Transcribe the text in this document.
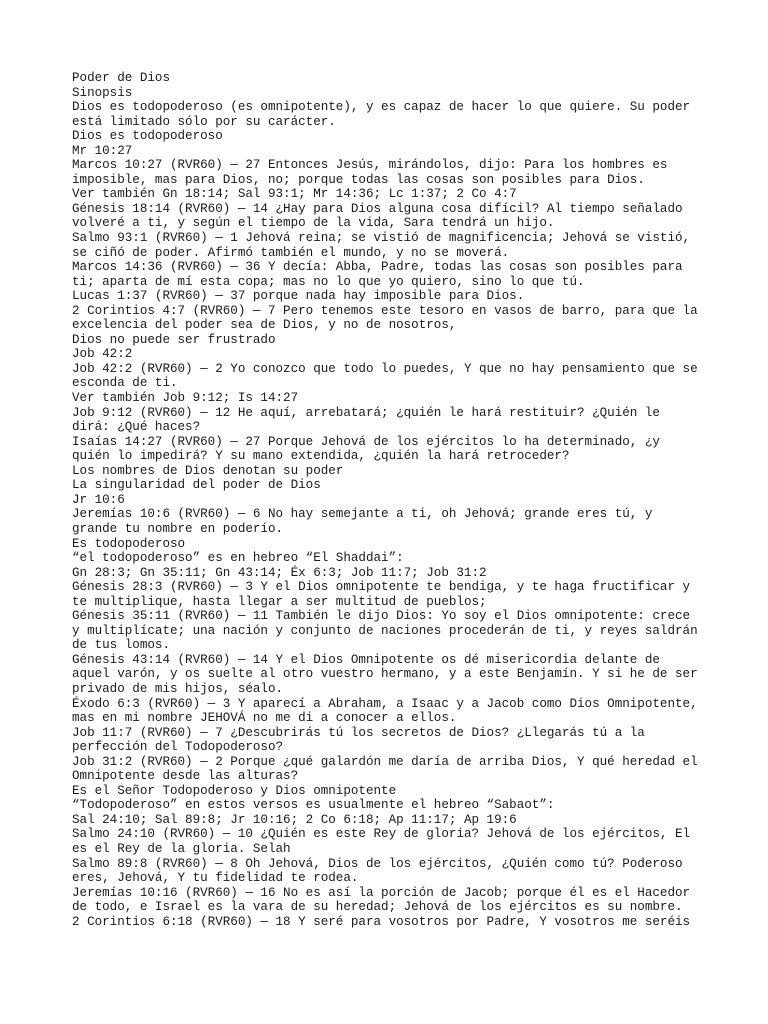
Poder de Dios
Sinopsis
Dios es todopoderoso (es omnipotente), y es capaz de hacer lo que quiere. Su poder
está limitado sólo por su carácter.
Dios es todopoderoso
Mr 10:27
Marcos 10:27 (RVR60) — 27 Entonces Jesús, mirándolos, dijo: Para los hombres es
imposible, mas para Dios, no; porque todas las cosas son posibles para Dios.
Ver también Gn 18:14; Sal 93:1; Mr 14:36; Lc 1:37; 2 Co 4:7
Génesis 18:14 (RVR60) — 14 ¿Hay para Dios alguna cosa difícil? Al tiempo señalado
volveré a ti, y según el tiempo de la vida, Sara tendrá un hijo.
Salmo 93:1 (RVR60) — 1 Jehová reina; se vistió de magnificencia; Jehová se vistió,
se ciñó de poder. Afirmó también el mundo, y no se moverá.
Marcos 14:36 (RVR60) — 36 Y decía: Abba, Padre, todas las cosas son posibles para
ti; aparta de mí esta copa; mas no lo que yo quiero, sino lo que tú.
Lucas 1:37 (RVR60) — 37 porque nada hay imposible para Dios.
2 Corintios 4:7 (RVR60) — 7 Pero tenemos este tesoro en vasos de barro, para que la
excelencia del poder sea de Dios, y no de nosotros,
Dios no puede ser frustrado
Job 42:2
Job 42:2 (RVR60) — 2 Yo conozco que todo lo puedes, Y que no hay pensamiento que se
esconda de ti.
Ver también Job 9:12; Is 14:27
Job 9:12 (RVR60) — 12 He aquí, arrebatará; ¿quién le hará restituir? ¿Quién le
dirá: ¿Qué haces?
Isaías 14:27 (RVR60) — 27 Porque Jehová de los ejércitos lo ha determinado, ¿y
quién lo impedirá? Y su mano extendida, ¿quién la hará retroceder?
Los nombres de Dios denotan su poder
La singularidad del poder de Dios
Jr 10:6
Jeremías 10:6 (RVR60) — 6 No hay semejante a ti, oh Jehová; grande eres tú, y
grande tu nombre en poderío.
Es todopoderoso
“el todopoderoso” es en hebreo “El Shaddai”:
Gn 28:3; Gn 35:11; Gn 43:14; Éx 6:3; Job 11:7; Job 31:2
Génesis 28:3 (RVR60) — 3 Y el Dios omnipotente te bendiga, y te haga fructificar y
te multiplique, hasta llegar a ser multitud de pueblos;
Génesis 35:11 (RVR60) — 11 También le dijo Dios: Yo soy el Dios omnipotente: crece
y multiplícate; una nación y conjunto de naciones procederán de ti, y reyes saldrán
de tus lomos.
Génesis 43:14 (RVR60) — 14 Y el Dios Omnipotente os dé misericordia delante de
aquel varón, y os suelte al otro vuestro hermano, y a este Benjamín. Y si he de ser
privado de mis hijos, séalo.
Éxodo 6:3 (RVR60) — 3 Y aparecí a Abraham, a Isaac y a Jacob como Dios Omnipotente,
mas en mi nombre JEHOVÁ no me di a conocer a ellos.
Job 11:7 (RVR60) — 7 ¿Descubrirás tú los secretos de Dios? ¿Llegarás tú a la
perfección del Todopoderoso?
Job 31:2 (RVR60) — 2 Porque ¿qué galardón me daría de arriba Dios, Y qué heredad el
Omnipotente desde las alturas?
Es el Señor Todopoderoso y Dios omnipotente
“Todopoderoso” en estos versos es usualmente el hebreo “Sabaot”:
Sal 24:10; Sal 89:8; Jr 10:16; 2 Co 6:18; Ap 11:17; Ap 19:6
Salmo 24:10 (RVR60) — 10 ¿Quién es este Rey de gloria? Jehová de los ejércitos, El
es el Rey de la gloria. Selah
Salmo 89:8 (RVR60) — 8 Oh Jehová, Dios de los ejércitos, ¿Quién como tú? Poderoso
eres, Jehová, Y tu fidelidad te rodea.
Jeremías 10:16 (RVR60) — 16 No es así la porción de Jacob; porque él es el Hacedor
de todo, e Israel es la vara de su heredad; Jehová de los ejércitos es su nombre.
2 Corintios 6:18 (RVR60) — 18 Y seré para vosotros por Padre, Y vosotros me seréis
